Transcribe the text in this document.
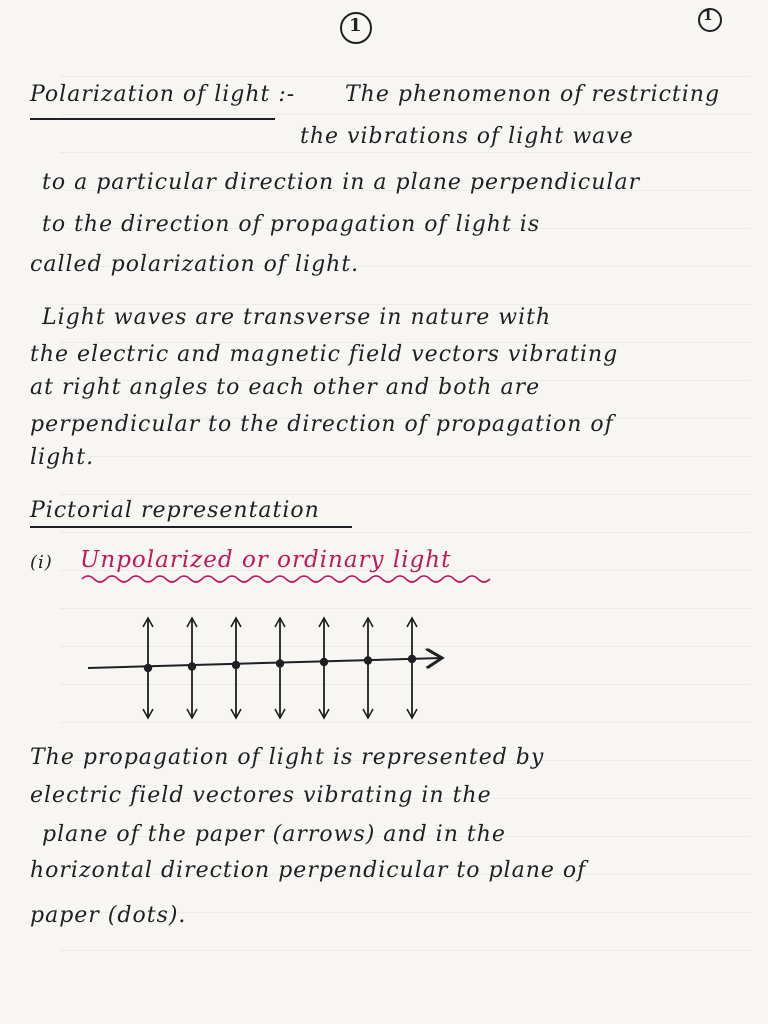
1	1
Polarization of light :- The phenomenon of restricting
the vibrations of light wave
to a particular direction in a plane perpendicular
to the direction of propagation of light is
called polarization of light.
Light waves are transverse in nature with
the electric and magnetic field vectors vibrating
at right angles to each other and both are
perpendicular to the direction of propagation of
light.
Pictorial representation
(i) Unpolarized or ordinary light
The propagation of light is represented by
electric field vectores vibrating in the
plane of the paper (arrows) and in the
horizontal direction perpendicular to plane of
paper (dots).
